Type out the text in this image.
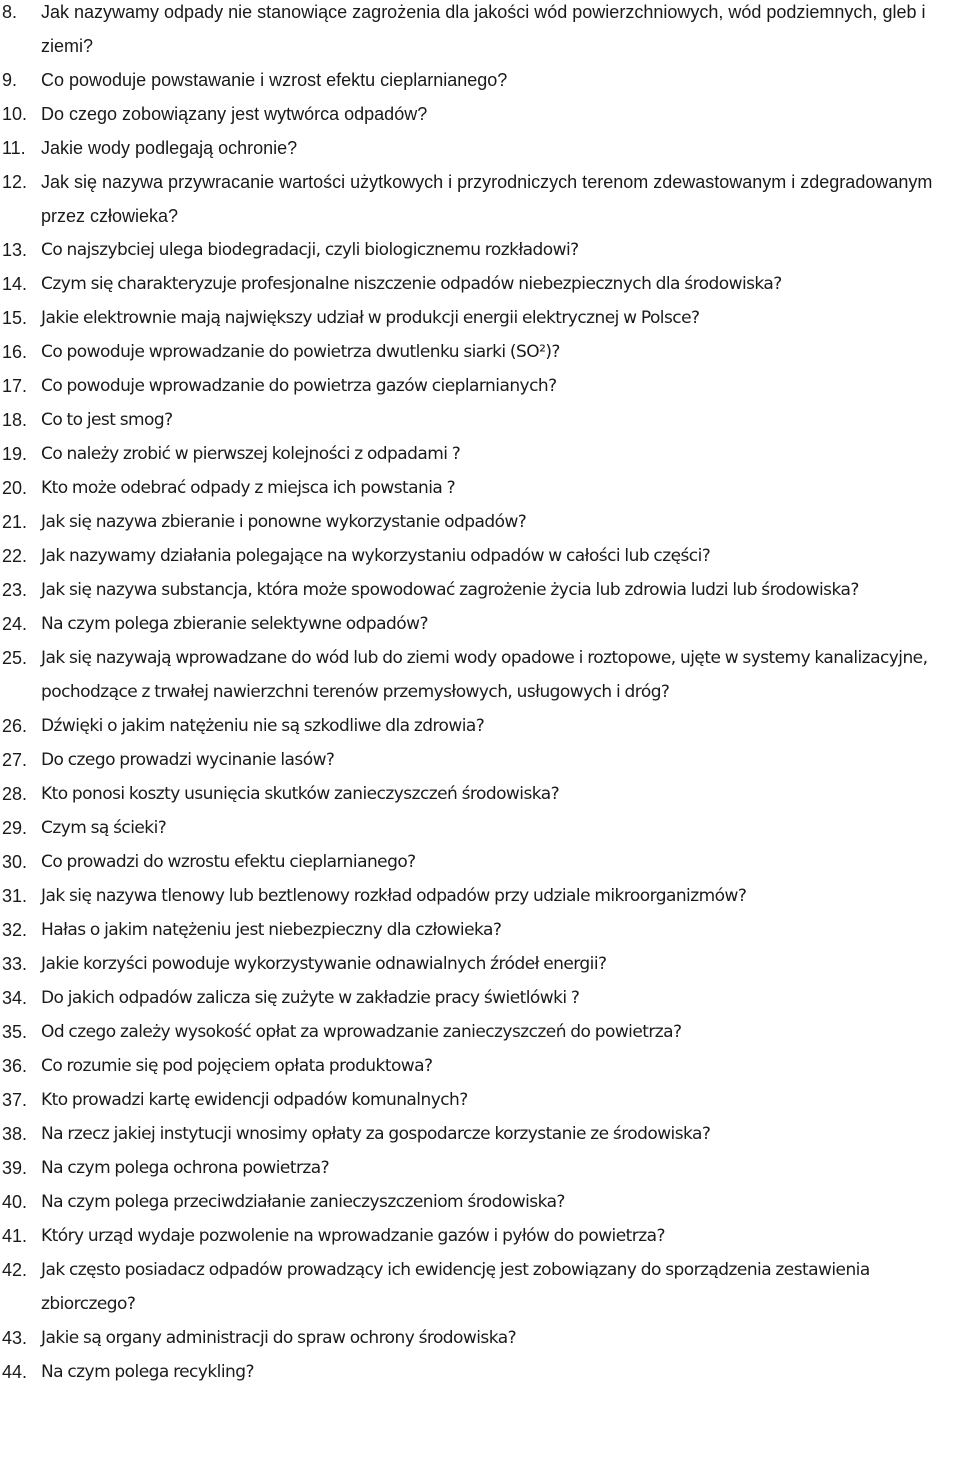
8.	Jak nazywamy odpady nie stanowiące zagrożenia dla jakości wód powierzchniowych, wód podziemnych, gleb i ziemi?
9.	Co powoduje powstawanie i wzrost efektu cieplarnianego?
10. Do czego zobowiązany jest wytwórca odpadów?
11. Jakie wody podlegają ochronie?
12. Jak się nazywa przywracanie wartości użytkowych i przyrodniczych terenom zdewastowanym i zdegradowanym przez człowieka?
13. Co najszybciej ulega biodegradacji, czyli biologicznemu rozkładowi?
14. Czym się charakteryzuje profesjonalne niszczenie odpadów niebezpiecznych dla środowiska?
15. Jakie elektrownie mają największy udział w produkcji energii elektrycznej w Polsce?
16. Co powoduje wprowadzanie do powietrza dwutlenku siarki (SO²)?
17. Co powoduje wprowadzanie do powietrza gazów cieplarnianych?
18. Co to jest smog?
19. Co należy zrobić w pierwszej kolejności z odpadami ?
20. Kto może odebrać odpady z miejsca ich powstania ?
21. Jak się nazywa zbieranie i ponowne wykorzystanie odpadów?
22. Jak nazywamy działania polegające na wykorzystaniu odpadów w całości lub części?
23. Jak się nazywa substancja, która może spowodować zagrożenie życia lub zdrowia ludzi lub środowiska?
24. Na czym polega zbieranie selektywne odpadów?
25. Jak się nazywają wprowadzane do wód lub do ziemi wody opadowe i roztopowe, ujęte w systemy kanalizacyjne, pochodzące z trwałej nawierzchni terenów przemysłowych, usługowych i dróg?
26. Dźwięki o jakim natężeniu nie są szkodliwe dla zdrowia?
27. Do czego prowadzi wycinanie lasów?
28. Kto ponosi koszty usunięcia skutków zanieczyszczeń środowiska?
29. Czym są ścieki?
30. Co prowadzi do wzrostu efektu cieplarnianego?
31. Jak się nazywa tlenowy lub beztlenowy rozkład odpadów przy udziale mikroorganizmów?
32. Hałas o jakim natężeniu jest niebezpieczny dla człowieka?
33. Jakie korzyści powoduje wykorzystywanie odnawialnych źródeł energii?
34. Do jakich odpadów zalicza się zużyte w zakładzie pracy świetlówki ?
35. Od czego zależy wysokość opłat za wprowadzanie zanieczyszczeń do powietrza?
36. Co rozumie się pod pojęciem opłata produktowa?
37. Kto prowadzi kartę ewidencji odpadów komunalnych?
38. Na rzecz jakiej instytucji wnosimy opłaty za gospodarcze korzystanie ze środowiska?
39. Na czym polega ochrona powietrza?
40. Na czym polega przeciwdziałanie zanieczyszczeniom środowiska?
41. Który urząd wydaje pozwolenie na wprowadzanie gazów i pyłów do powietrza?
42. Jak często posiadacz odpadów prowadzący ich ewidencję jest zobowiązany do sporządzenia zestawienia zbiorczego?
43. Jakie są organy administracji do spraw ochrony środowiska?
44. Na czym polega recykling?
